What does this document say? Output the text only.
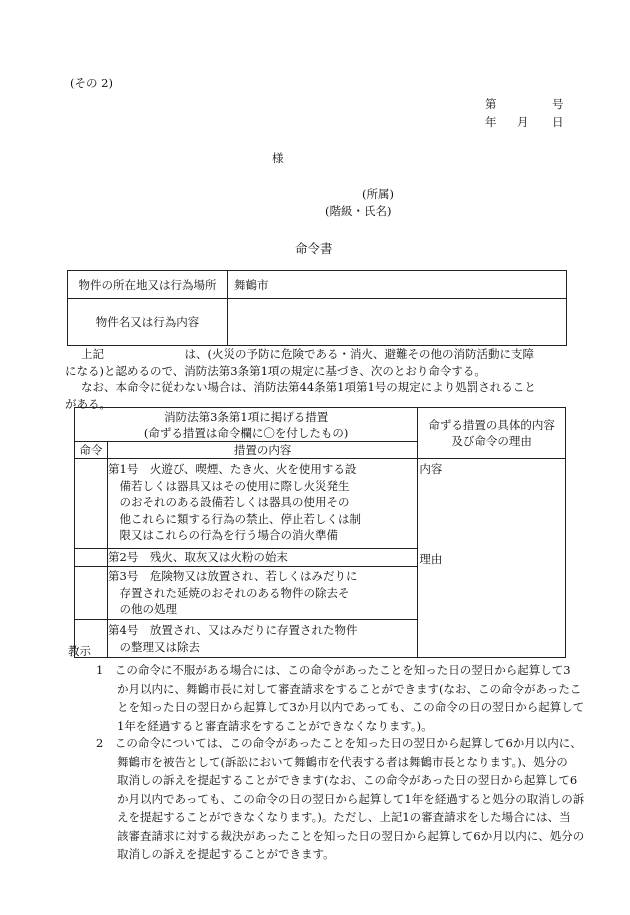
(その 2)
第	号
年 月 日
様
(所属)
(階級・氏名)
命令書
物件の所在地又は行為場所	舞鶴市
物件名又は行為内容	
上記　　　　　　　は、(火災の予防に危険である・消火、避難その他の消防活動に支障
になる)と認めるので、消防法第3条第1項の規定に基づき、次のとおり命令する。
なお、本命令に従わない場合は、消防法第44条第1項第1号の規定により処罰されること
がある。
消防法第3条第1項に掲げる措置
(命ずる措置は命令欄に〇を付したもの)		命ずる措置の具体的内容
及び命令の理由

命令	措置の内容	

	第1号　火遊び、喫煙、たき火、火を使用する設
　備若しくは器具又はその使用に際し火災発生
　のおそれのある設備若しくは器具の使用その
　他これらに類する行為の禁止、停止若しくは制
　限又はこれらの行為を行う場合の消火準備	内容
理由

	第2号　残火、取灰又は火粉の始末	

	第3号　危険物又は放置され、若しくはみだりに
　存置された延焼のおそれのある物件の除去そ
　の他の処理	

	第4号　放置され、又はみだりに存置された物件
　の整理又は除去	
教示
1　この命令に不服がある場合には、この命令があったことを知った日の翌日から起算して3
か月以内に、舞鶴市長に対して審査請求をすることができます(なお、この命令があったこ
とを知った日の翌日から起算して3か月以内であっても、この命令の日の翌日から起算して
1年を経過すると審査請求をすることができなくなります。)。
2　この命令については、この命令があったことを知った日の翌日から起算して6か月以内に、
舞鶴市を被告として(訴訟において舞鶴市を代表する者は舞鶴市長となります。)、処分の
取消しの訴えを提起することができます(なお、この命令があった日の翌日から起算して6
か月以内であっても、この命令の日の翌日から起算して1年を経過すると処分の取消しの訴
えを提起することができなくなります。)。ただし、上記1の審査請求をした場合には、当
該審査請求に対する裁決があったことを知った日の翌日から起算して6か月以内に、処分の
取消しの訴えを提起することができます。
